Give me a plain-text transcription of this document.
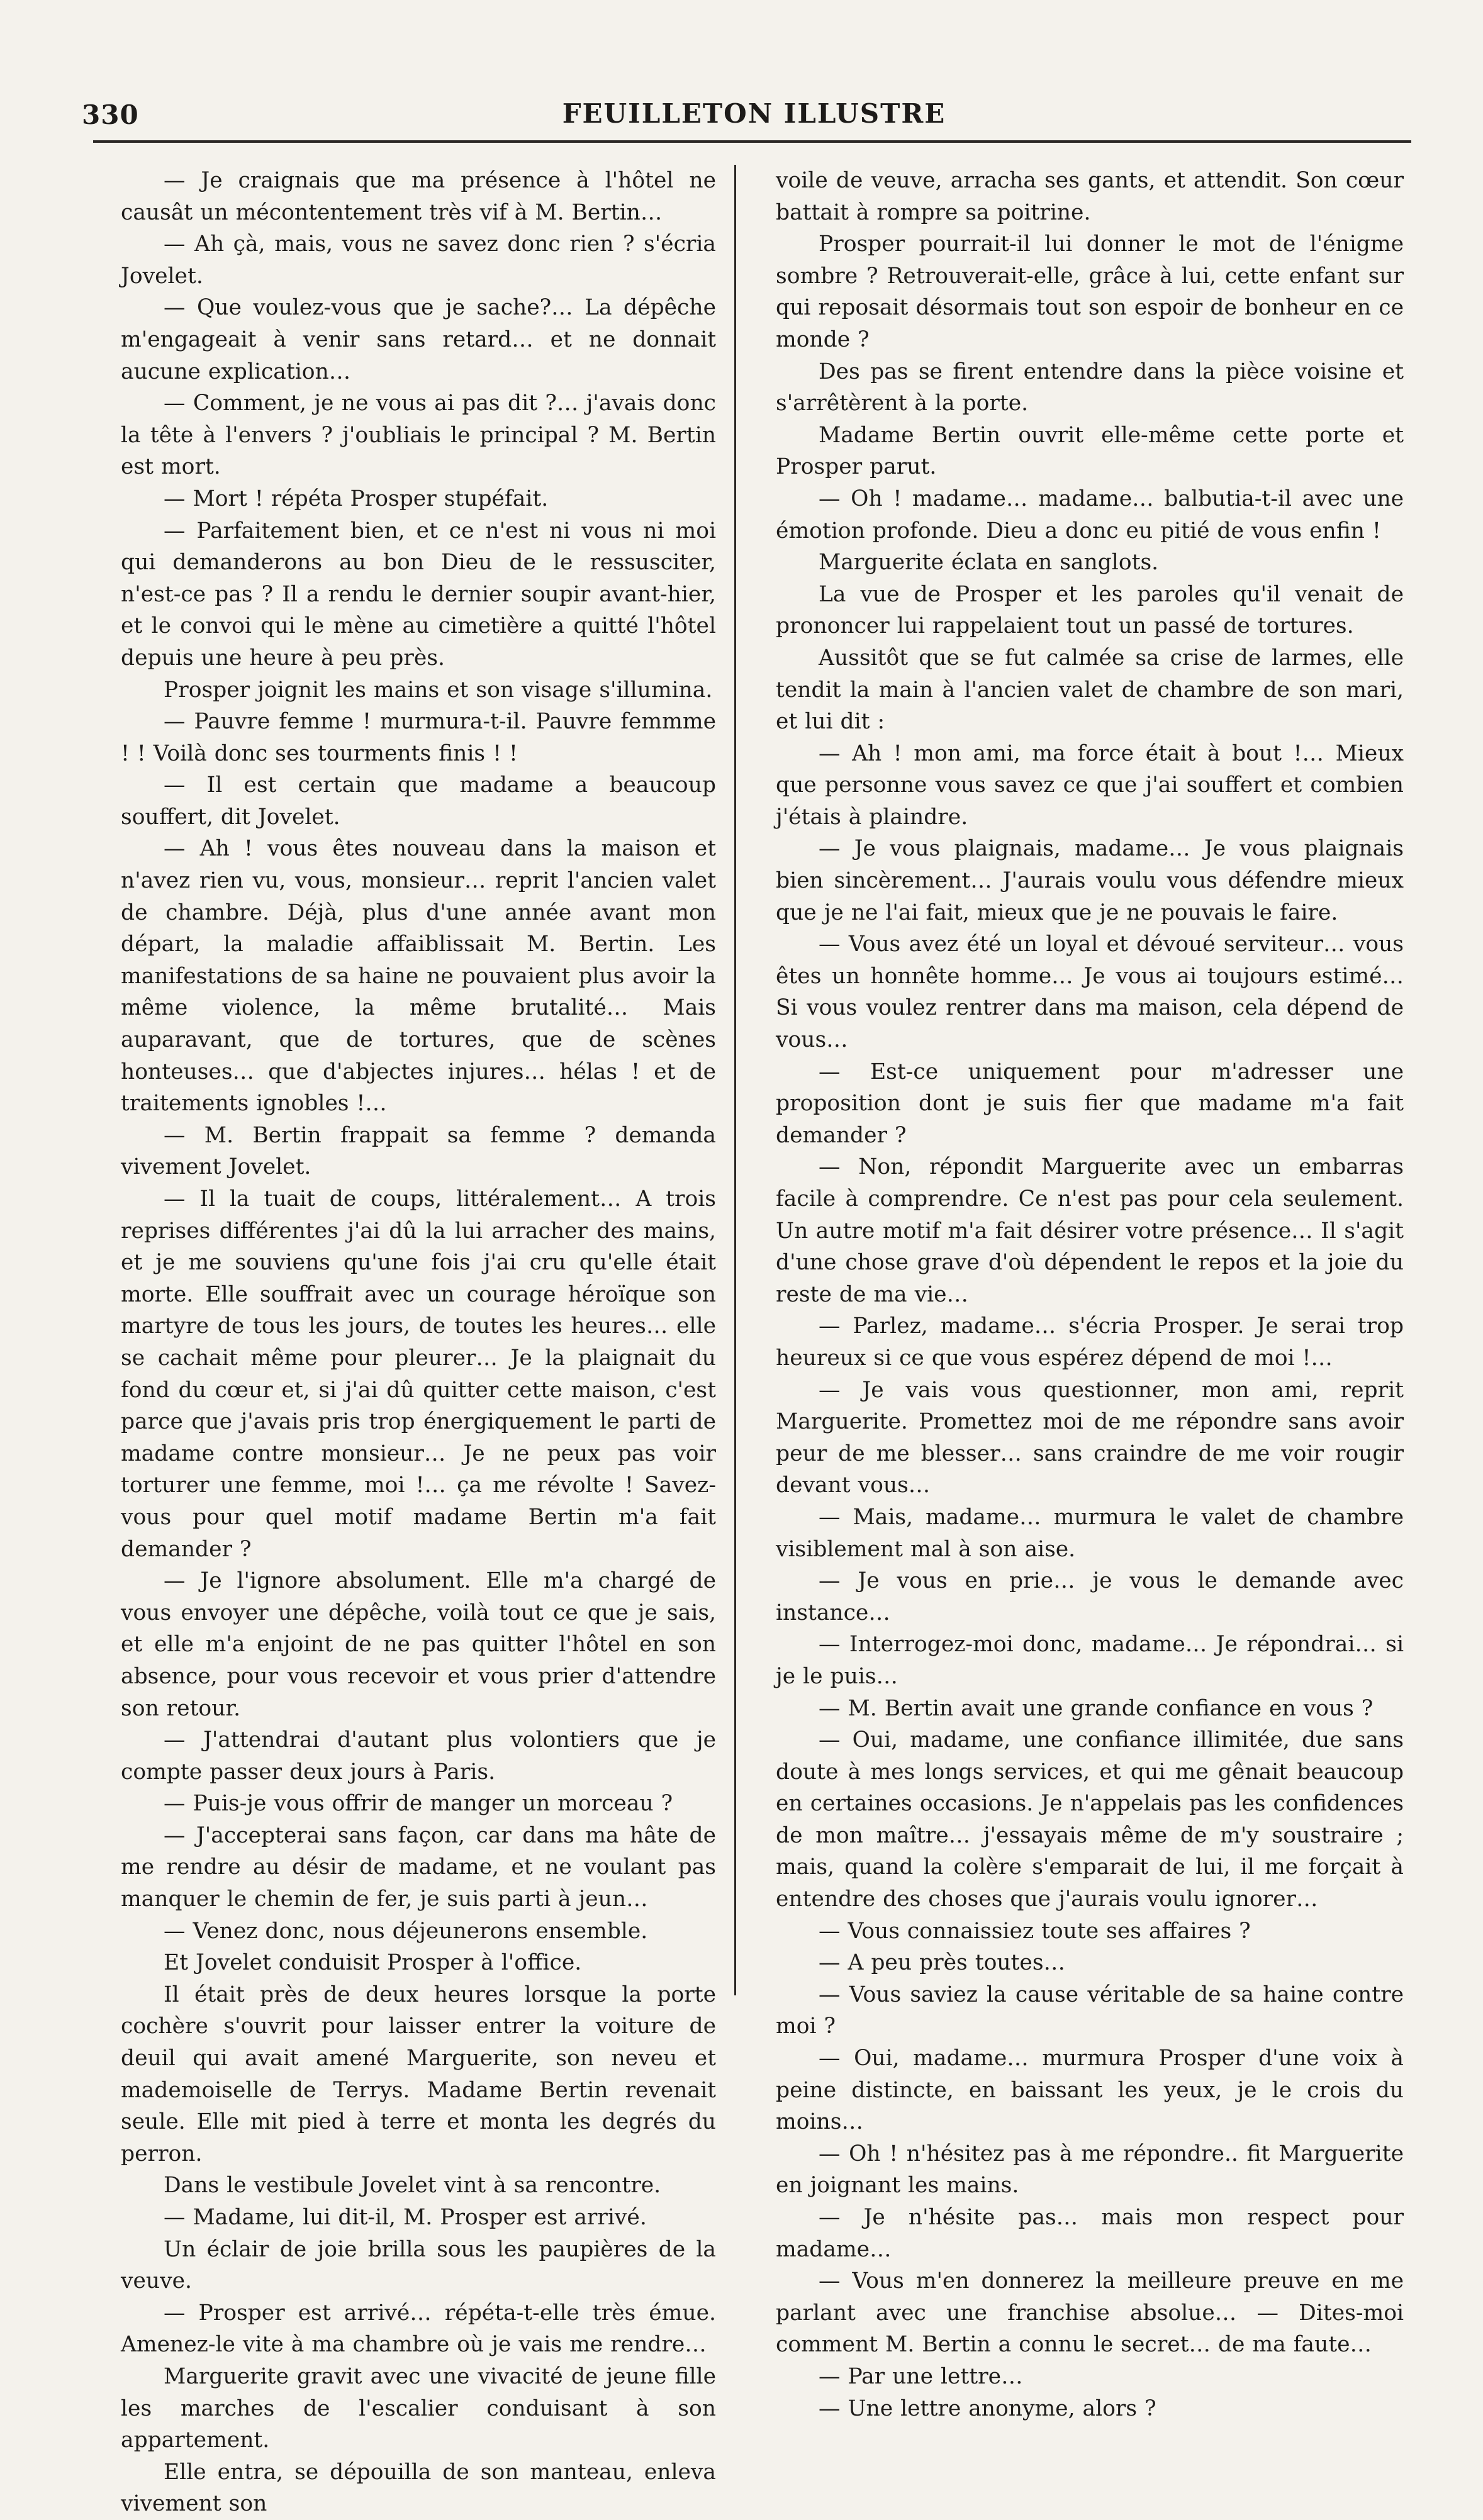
330	FEUILLETON ILLUSTRE

— Je craignais que ma présence à l'hôtel ne causât un mécontentement très vif à M. Bertin…

— Ah çà, mais, vous ne savez donc rien ? s'écria Jovelet.

— Que voulez-vous que je sache?… La dépêche m'engageait à venir sans retard… et ne donnait aucune explication…

— Comment, je ne vous ai pas dit ?… j'avais donc la tête à l'envers ? j'oubliais le principal ? M. Bertin est mort.

— Mort ! répéta Prosper stupéfait.

— Parfaitement bien, et ce n'est ni vous ni moi qui demanderons au bon Dieu de le ressusciter, n'est-ce pas ? Il a rendu le dernier soupir avant-hier, et le convoi qui le mène au cimetière a quitté l'hôtel depuis une heure à peu près.

Prosper joignit les mains et son visage s'illumina.

— Pauvre femme ! murmura-t-il. Pauvre femmme ! ! Voilà donc ses tourments finis ! !

— Il est certain que madame a beaucoup souffert, dit Jovelet.

— Ah ! vous êtes nouveau dans la maison et n'avez rien vu, vous, monsieur… reprit l'ancien valet de chambre. Déjà, plus d'une année avant mon départ, la maladie affaiblissait M. Bertin. Les manifestations de sa haine ne pouvaient plus avoir la même violence, la même brutalité… Mais auparavant, que de tortures, que de scènes honteuses… que d'abjectes injures… hélas ! et de traitements ignobles !…

— M. Bertin frappait sa femme ? demanda vivement Jovelet.

— Il la tuait de coups, littéralement… A trois reprises différentes j'ai dû la lui arracher des mains, et je me souviens qu'une fois j'ai cru qu'elle était morte. Elle souffrait avec un courage héroïque son martyre de tous les jours, de toutes les heures… elle se cachait même pour pleurer… Je la plaignait du fond du cœur et, si j'ai dû quitter cette maison, c'est parce que j'avais pris trop énergiquement le parti de madame contre monsieur… Je ne peux pas voir torturer une femme, moi !… ça me révolte ! Savez-vous pour quel motif madame Bertin m'a fait demander ?

— Je l'ignore absolument. Elle m'a chargé de vous envoyer une dépêche, voilà tout ce que je sais, et elle m'a enjoint de ne pas quitter l'hôtel en son absence, pour vous recevoir et vous prier d'attendre son retour.

— J'attendrai d'autant plus volontiers que je compte passer deux jours à Paris.

— Puis-je vous offrir de manger un morceau ?

— J'accepterai sans façon, car dans ma hâte de me rendre au désir de madame, et ne voulant pas manquer le chemin de fer, je suis parti à jeun…

— Venez donc, nous déjeunerons ensemble.

Et Jovelet conduisit Prosper à l'office.

Il était près de deux heures lorsque la porte cochère s'ouvrit pour laisser entrer la voiture de deuil qui avait amené Marguerite, son neveu et mademoiselle de Terrys. Madame Bertin revenait seule. Elle mit pied à terre et monta les degrés du perron.

Dans le vestibule Jovelet vint à sa rencontre.

— Madame, lui dit-il, M. Prosper est arrivé.

Un éclair de joie brilla sous les paupières de la veuve.

— Prosper est arrivé… répéta-t-elle très émue. Amenez-le vite à ma chambre où je vais me rendre…

Marguerite gravit avec une vivacité de jeune fille les marches de l'escalier conduisant à son appartement.

Elle entra, se dépouilla de son manteau, enleva vivement son

voile de veuve, arracha ses gants, et attendit. Son cœur battait à rompre sa poitrine.

Prosper pourrait-il lui donner le mot de l'énigme sombre ? Retrouverait-elle, grâce à lui, cette enfant sur qui reposait désormais tout son espoir de bonheur en ce monde ?

Des pas se firent entendre dans la pièce voisine et s'arrêtèrent à la porte.

Madame Bertin ouvrit elle-même cette porte et Prosper parut.

— Oh ! madame… madame… balbutia-t-il avec une émotion profonde. Dieu a donc eu pitié de vous enfin !

Marguerite éclata en sanglots.

La vue de Prosper et les paroles qu'il venait de prononcer lui rappelaient tout un passé de tortures.

Aussitôt que se fut calmée sa crise de larmes, elle tendit la main à l'ancien valet de chambre de son mari, et lui dit :

— Ah ! mon ami, ma force était à bout !… Mieux que personne vous savez ce que j'ai souffert et combien j'étais à plaindre.

— Je vous plaignais, madame… Je vous plaignais bien sincèrement… J'aurais voulu vous défendre mieux que je ne l'ai fait, mieux que je ne pouvais le faire.

— Vous avez été un loyal et dévoué serviteur… vous êtes un honnête homme… Je vous ai toujours estimé… Si vous voulez rentrer dans ma maison, cela dépend de vous…

— Est-ce uniquement pour m'adresser une proposition dont je suis fier que madame m'a fait demander ?

— Non, répondit Marguerite avec un embarras facile à comprendre. Ce n'est pas pour cela seulement. Un autre motif m'a fait désirer votre présence… Il s'agit d'une chose grave d'où dépendent le repos et la joie du reste de ma vie…

— Parlez, madame… s'écria Prosper. Je serai trop heureux si ce que vous espérez dépend de moi !…

— Je vais vous questionner, mon ami, reprit Marguerite. Promettez moi de me répondre sans avoir peur de me blesser… sans craindre de me voir rougir devant vous…

— Mais, madame… murmura le valet de chambre visiblement mal à son aise.

— Je vous en prie… je vous le demande avec instance…

— Interrogez-moi donc, madame… Je répondrai… si je le puis…

— M. Bertin avait une grande confiance en vous ?

— Oui, madame, une confiance illimitée, due sans doute à mes longs services, et qui me gênait beaucoup en certaines occasions. Je n'appelais pas les confidences de mon maître… j'essayais même de m'y soustraire ; mais, quand la colère s'emparait de lui, il me forçait à entendre des choses que j'aurais voulu ignorer…

— Vous connaissiez toute ses affaires ?

— A peu près toutes…

— Vous saviez la cause véritable de sa haine contre moi ?

— Oui, madame… murmura Prosper d'une voix à peine distincte, en baissant les yeux, je le crois du moins…

— Oh ! n'hésitez pas à me répondre.. fit Marguerite en joignant les mains.

— Je n'hésite pas… mais mon respect pour madame…

— Vous m'en donnerez la meilleure preuve en me parlant avec une franchise absolue… — Dites-moi comment M. Bertin a connu le secret… de ma faute…

— Par une lettre…

— Une lettre anonyme, alors ?
